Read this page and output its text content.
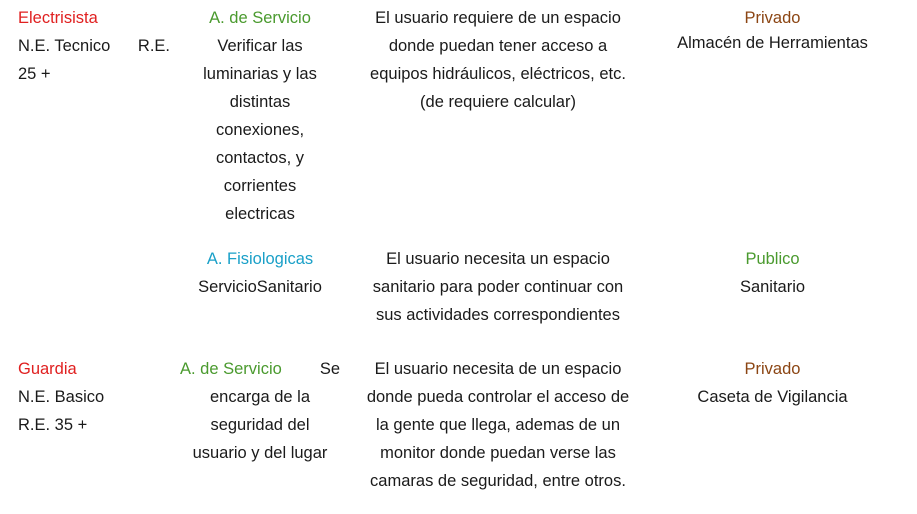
Electrisista
N.E. Tecnico R.E.
25 +
A. de Servicio
Verificar las
luminarias y las
distintas
conexiones,
contactos, y
corrientes
electricas
El usuario requiere de un espacio
donde puedan tener acceso a
equipos hidráulicos, eléctricos, etc.
(de requiere calcular)
Privado
Almacén de Herramientas
A. Fisiologicas
ServicioSanitario
El usuario necesita un espacio
sanitario para poder continuar con
sus actividades correspondientes
Publico
Sanitario
Guardia
N.E. Basico
R.E. 35 +
A. de Servicio Se
encarga de la
seguridad del
usuario y del lugar
El usuario necesita de un espacio
donde pueda controlar el acceso de
la gente que llega, ademas de un
monitor donde puedan verse las
camaras de seguridad, entre otros.
Privado
Caseta de Vigilancia
